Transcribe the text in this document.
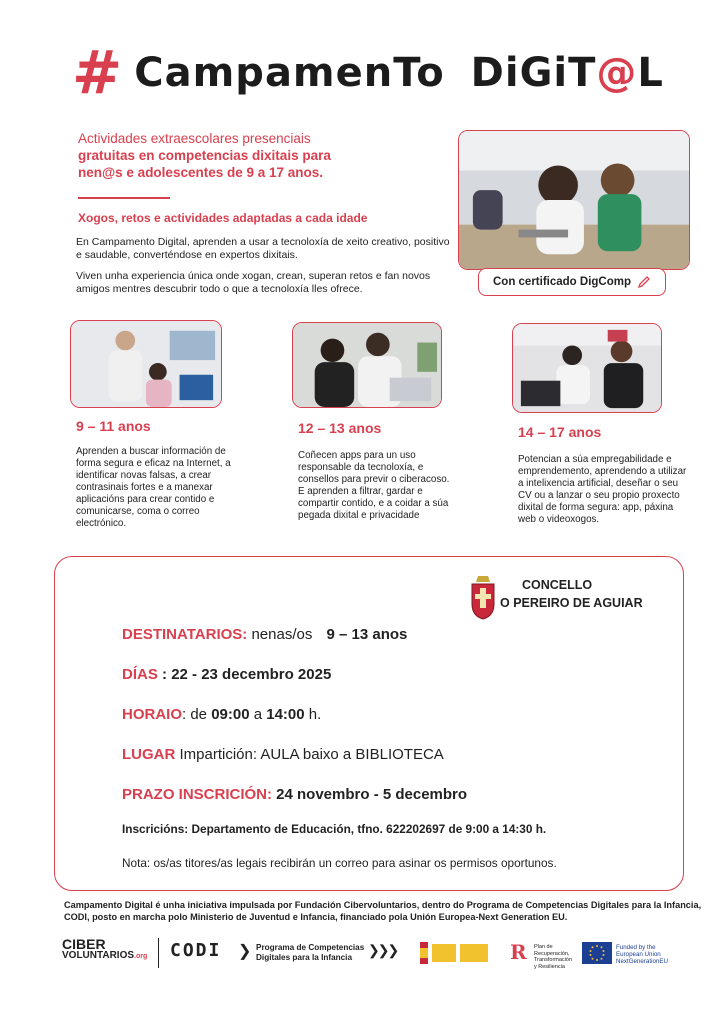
# CampamenTo DiGiT@L
Actividades extraescolares presenciais
gratuitas en competencias dixitais para
nen@s e adolescentes de 9 a 17 anos.
Xogos, retos e actividades adaptadas a cada idade
En Campamento Digital, aprenden a usar a tecnoloxía de xeito creativo, positivo e saudable, converténdose en expertos dixitais.
Viven unha experiencia única onde xogan, crean, superan retos e fan novos amigos mentres descubrir todo o que a tecnoloxía lles ofrece.
Con certificado DigComp
9 – 11 anos
Aprenden a buscar información de forma segura e eficaz na Internet, a identificar novas falsas, a crear contrasinais fortes e a manexar aplicacións para crear contido e comunicarse, coma o correo electrónico.
12 – 13 anos
Coñecen apps para un uso responsable da tecnoloxía, e consellos para previr o ciberacoso. E aprenden a filtrar, gardar e compartir contido, e a coidar a súa pegada dixital e privacidade
14 – 17 anos
Potencian a súa empregabilidade e emprendemento, aprendendo a utilizar a intelixencia artificial, deseñar o seu CV ou a lanzar o seu propio proxecto dixital de forma segura: app, páxina web o videoxogos.
CONCELLO
O PEREIRO DE AGUIAR
DESTINATARIOS: nenas/os 9 – 13 anos
DÍAS : 22 - 23 decembro 2025
HORAIO: de 09:00 a 14:00 h.
LUGAR Impartición: AULA baixo a BIBLIOTECA
PRAZO INSCRICIÓN: 24 novembro - 5 decembro
Inscricións: Departamento de Educación, tfno. 622202697 de 9:00 a 14:30 h.
Nota: os/as titores/as legais recibirán un correo para asinar os permisos oportunos.
Campamento Digital é unha iniciativa impulsada por Fundación Cibervoluntarios, dentro do Programa de Competencias Digitales para la Infancia, CODI, posto en marcha polo Ministerio de Juventud e Infancia, financiado pola Unión Europea-Next Generation EU.
CIBER
VOLUNTARIOS.org CODI ❯ Programa de Competencias
Digitales para la Infancia	❯❯❯	R Plan de
Recuperación,
Transformación
y Resiliencia
Funded by the
European Union
NextGenerationEU
